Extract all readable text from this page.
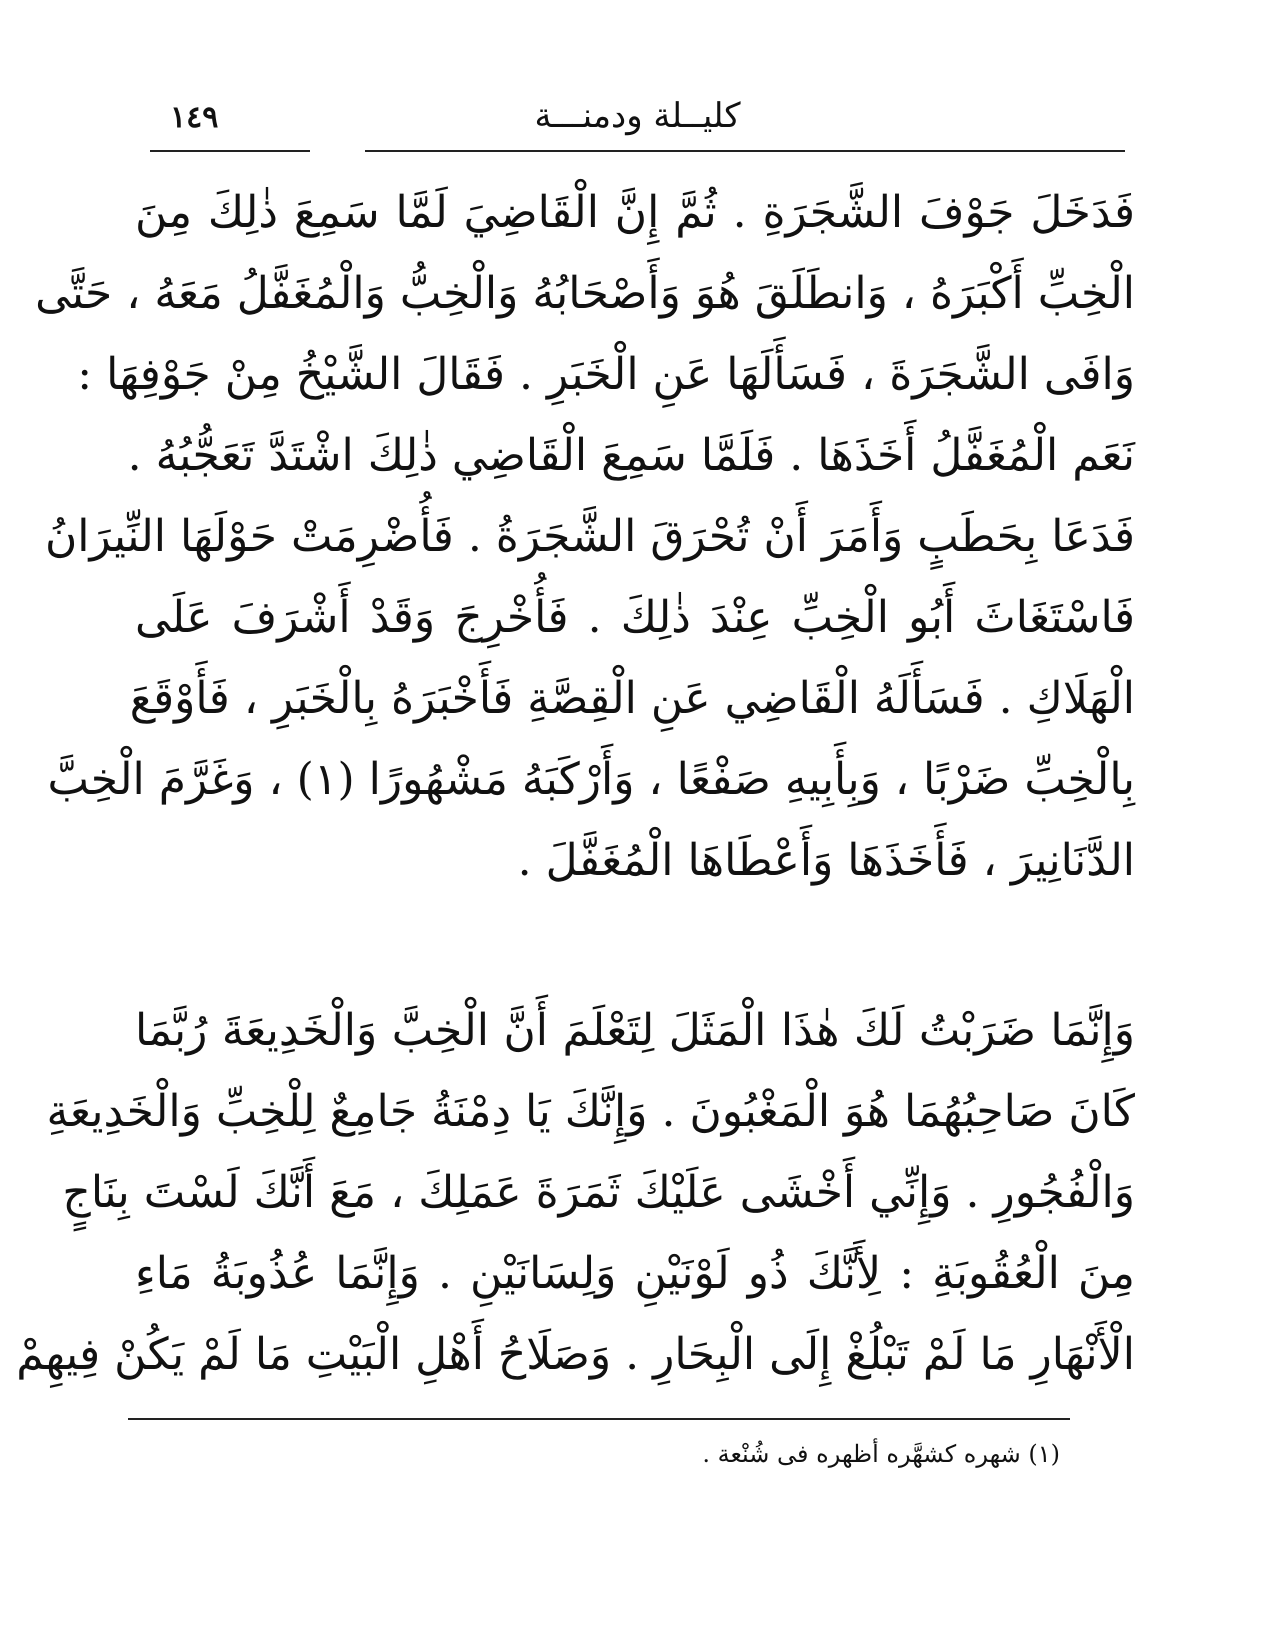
١٤٩	كليــلة ودمنـــة
فَدَخَلَ جَوْفَ الشَّجَرَةِ . ثُمَّ إِنَّ الْقَاضِيَ لَمَّا سَمِعَ ذٰلِكَ مِنَ
الْخِبِّ أَكْبَرَهُ ، وَانطَلَقَ هُوَ وَأَصْحَابُهُ وَالْخِبُّ وَالْمُغَفَّلُ مَعَهُ ، حَتَّى
وَافَى الشَّجَرَةَ ، فَسَأَلَهَا عَنِ الْخَبَرِ . فَقَالَ الشَّيْخُ مِنْ جَوْفِهَا :
نَعَم الْمُغَفَّلُ أَخَذَهَا . فَلَمَّا سَمِعَ الْقَاضِي ذٰلِكَ اشْتَدَّ تَعَجُّبُهُ .
فَدَعَا بِحَطَبٍ وَأَمَرَ أَنْ تُحْرَقَ الشَّجَرَةُ . فَأُضْرِمَتْ حَوْلَهَا النِّيرَانُ
فَاسْتَغَاثَ أَبُو الْخِبِّ عِنْدَ ذٰلِكَ . فَأُخْرِجَ وَقَدْ أَشْرَفَ عَلَى
الْهَلَاكِ . فَسَأَلَهُ الْقَاضِي عَنِ الْقِصَّةِ فَأَخْبَرَهُ بِالْخَبَرِ ، فَأَوْقَعَ
بِالْخِبِّ ضَرْبًا ، وَبِأَبِيهِ صَفْعًا ، وَأَرْكَبَهُ مَشْهُورًا (١) ، وَغَرَّمَ الْخِبَّ
الدَّنَانِيرَ ، فَأَخَذَهَا وَأَعْطَاهَا الْمُغَفَّلَ .
وَإِنَّمَا ضَرَبْتُ لَكَ هٰذَا الْمَثَلَ لِتَعْلَمَ أَنَّ الْخِبَّ وَالْخَدِيعَةَ رُبَّمَا
كَانَ صَاحِبُهُمَا هُوَ الْمَغْبُونَ . وَإِنَّكَ يَا دِمْنَةُ جَامِعٌ لِلْخِبِّ وَالْخَدِيعَةِ
وَالْفُجُورِ . وَإِنِّي أَخْشَى عَلَيْكَ ثَمَرَةَ عَمَلِكَ ، مَعَ أَنَّكَ لَسْتَ بِنَاجٍ
مِنَ الْعُقُوبَةِ : لِأَنَّكَ ذُو لَوْنَيْنِ وَلِسَانَيْنِ . وَإِنَّمَا عُذُوبَةُ مَاءِ
الْأَنْهَارِ مَا لَمْ تَبْلُغْ إِلَى الْبِحَارِ . وَصَلَاحُ أَهْلِ الْبَيْتِ مَا لَمْ يَكُنْ فِيهِمْ
(١) شهره كشهَّره أظهره فى شُنْعة .
